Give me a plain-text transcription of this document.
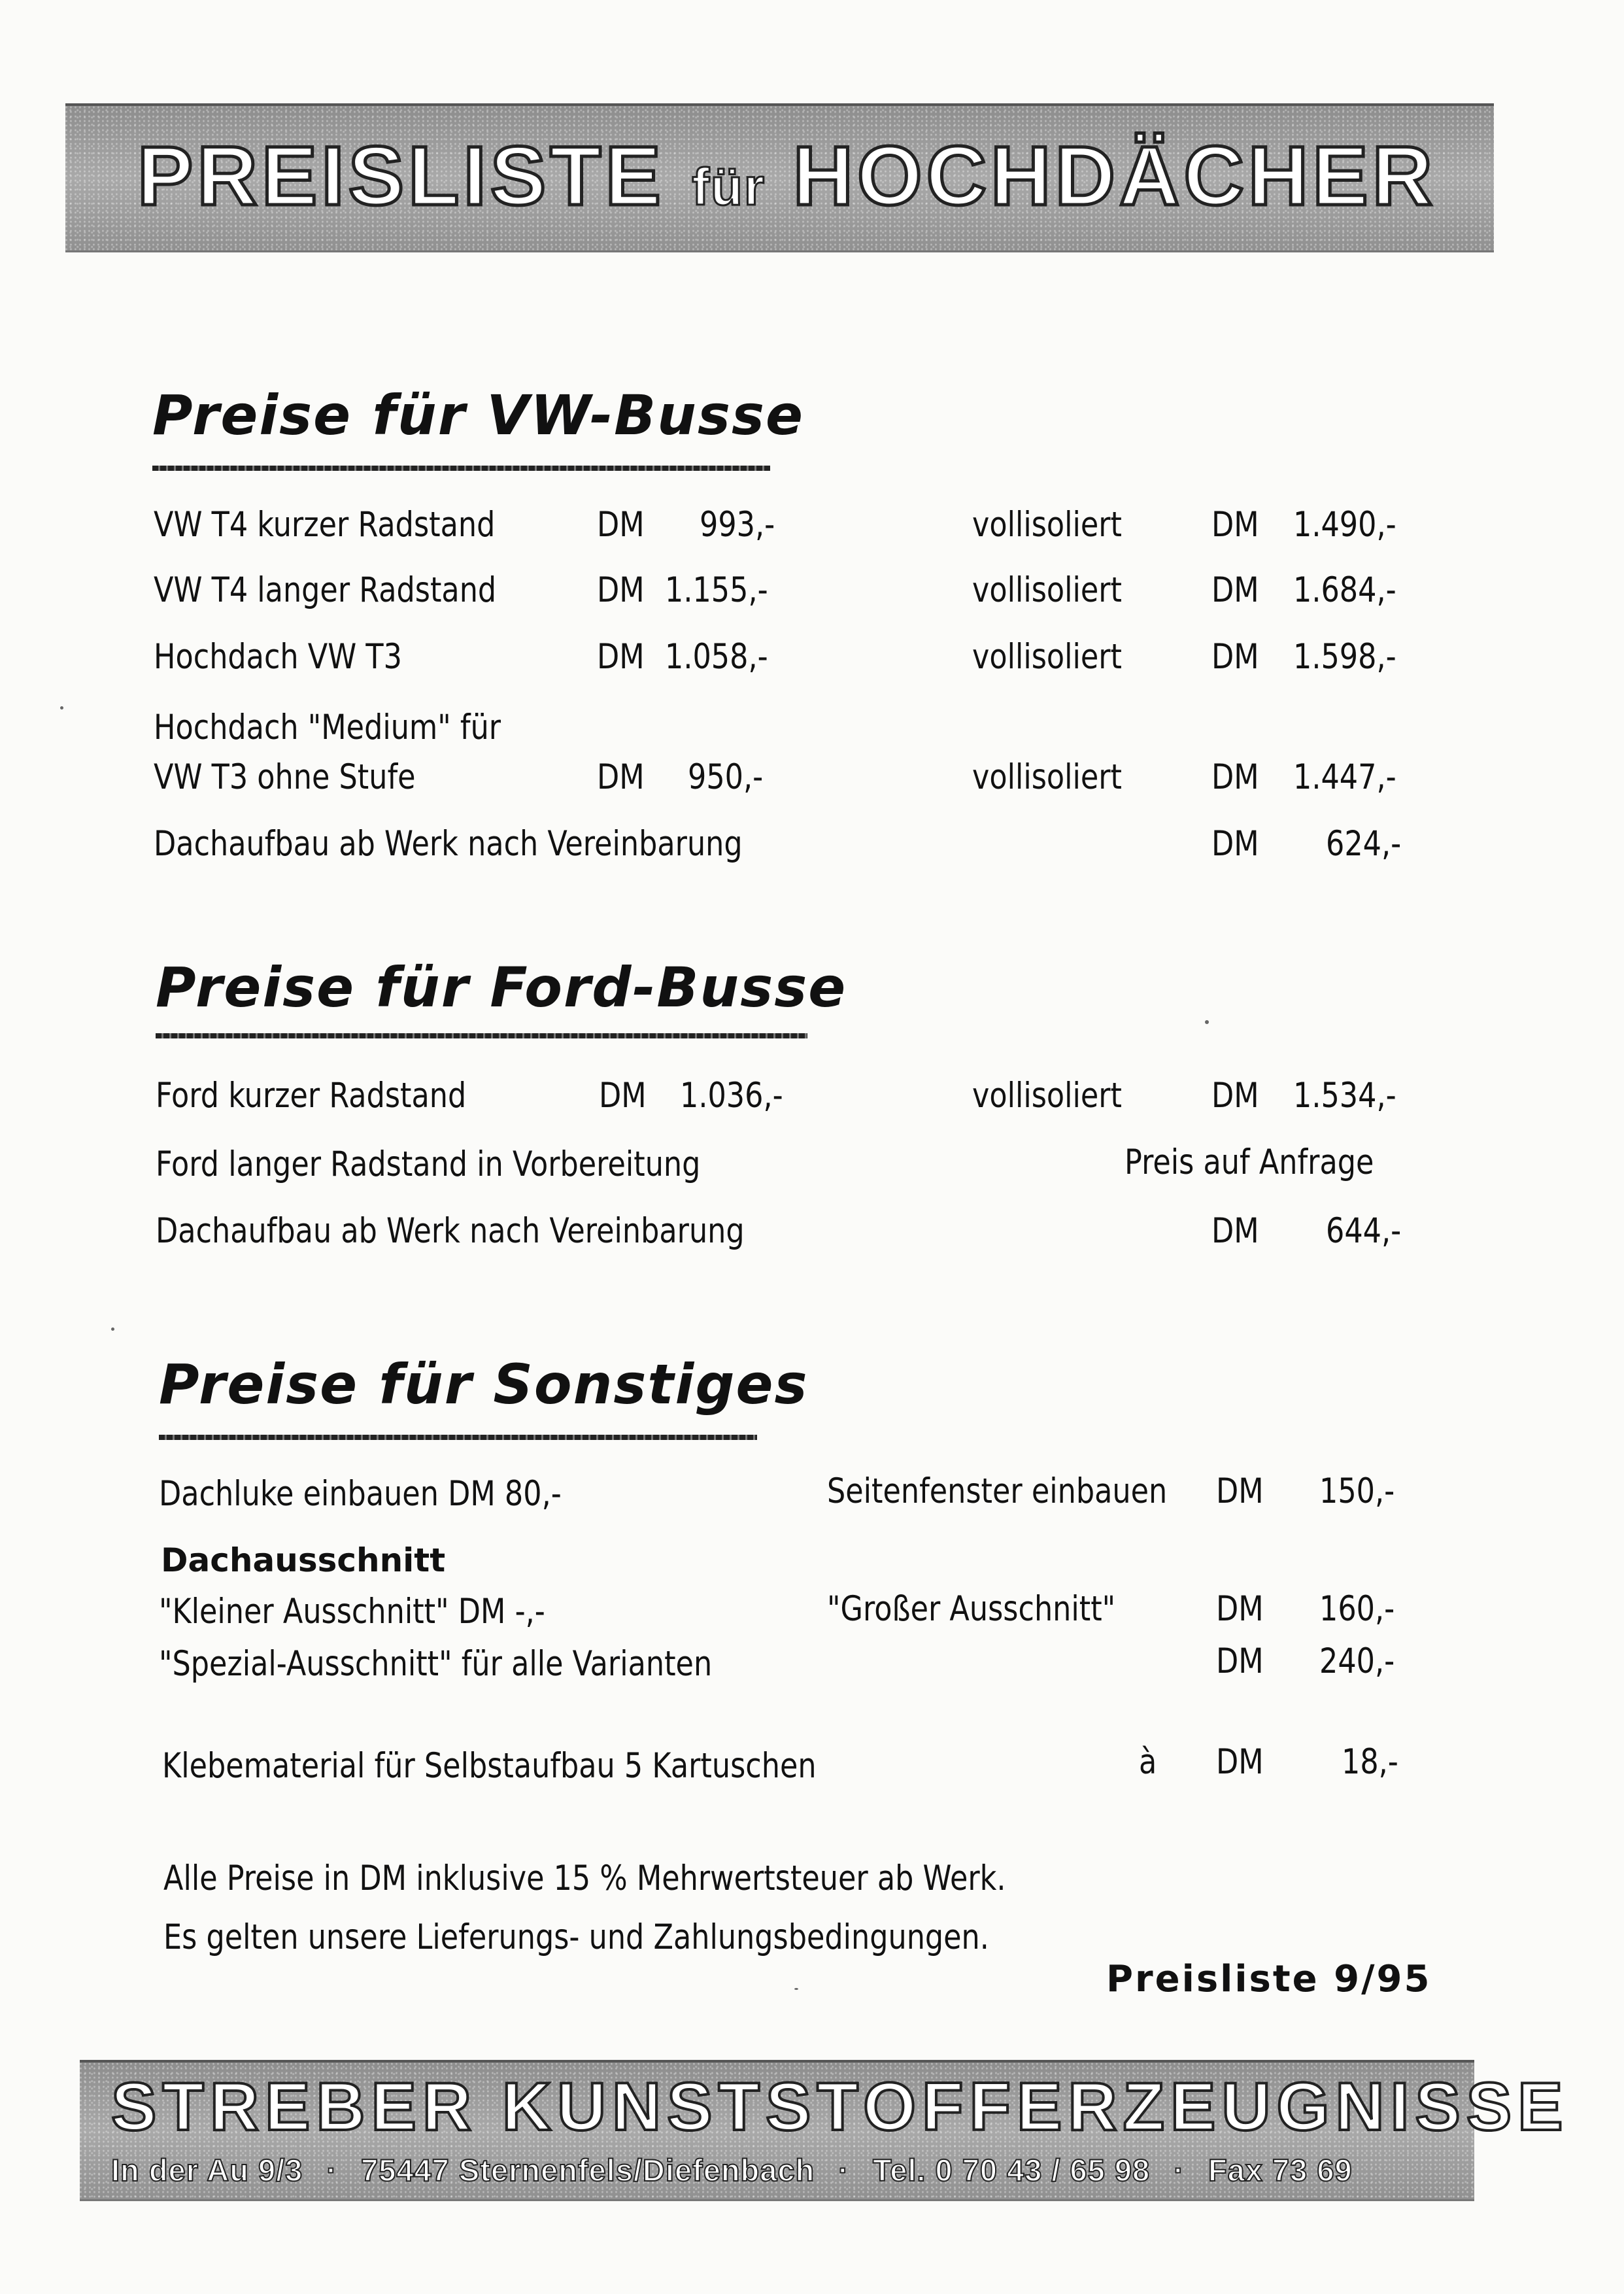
PREISLISTE für HOCHDÄCHER
Preise für VW-Busse
VW T4 kurzer Radstand	DM 993,-	vollisoliert	DM 1.490,-
VW T4 langer Radstand	DM 1.155,-	vollisoliert	DM 1.684,-
Hochdach VW T3	DM 1.058,-	vollisoliert	DM 1.598,-
Hochdach "Medium" für
VW T3 ohne Stufe	DM 950,-	vollisoliert	DM 1.447,-
Dachaufbau ab Werk nach Vereinbarung	DM 624,-
Preise für Ford-Busse
Ford kurzer Radstand	DM 1.036,-	vollisoliert	DM 1.534,-
Ford langer Radstand in Vorbereitung	Preis auf Anfrage
Dachaufbau ab Werk nach Vereinbarung	DM 644,-
Preise für Sonstiges
Dachluke einbauen DM 80,-	Seitenfenster einbauen DM 150,-
Dachausschnitt
"Kleiner Ausschnitt" DM -,-	"Großer Ausschnitt"	DM 160,-
"Spezial-Ausschnitt" für alle Varianten	DM 240,-
Klebematerial für Selbstaufbau 5 Kartuschen	à DM 18,-
Alle Preise in DM inklusive 15 % Mehrwertsteuer ab Werk.
Es gelten unsere Lieferungs- und Zahlungsbedingungen.
Preisliste 9/95
STREBER KUNSTSTOFFERZEUGNISSE
In der Au 9/3 · 75447 Sternenfels/Diefenbach · Tel. 0 70 43 / 65 98 · Fax 73 69
